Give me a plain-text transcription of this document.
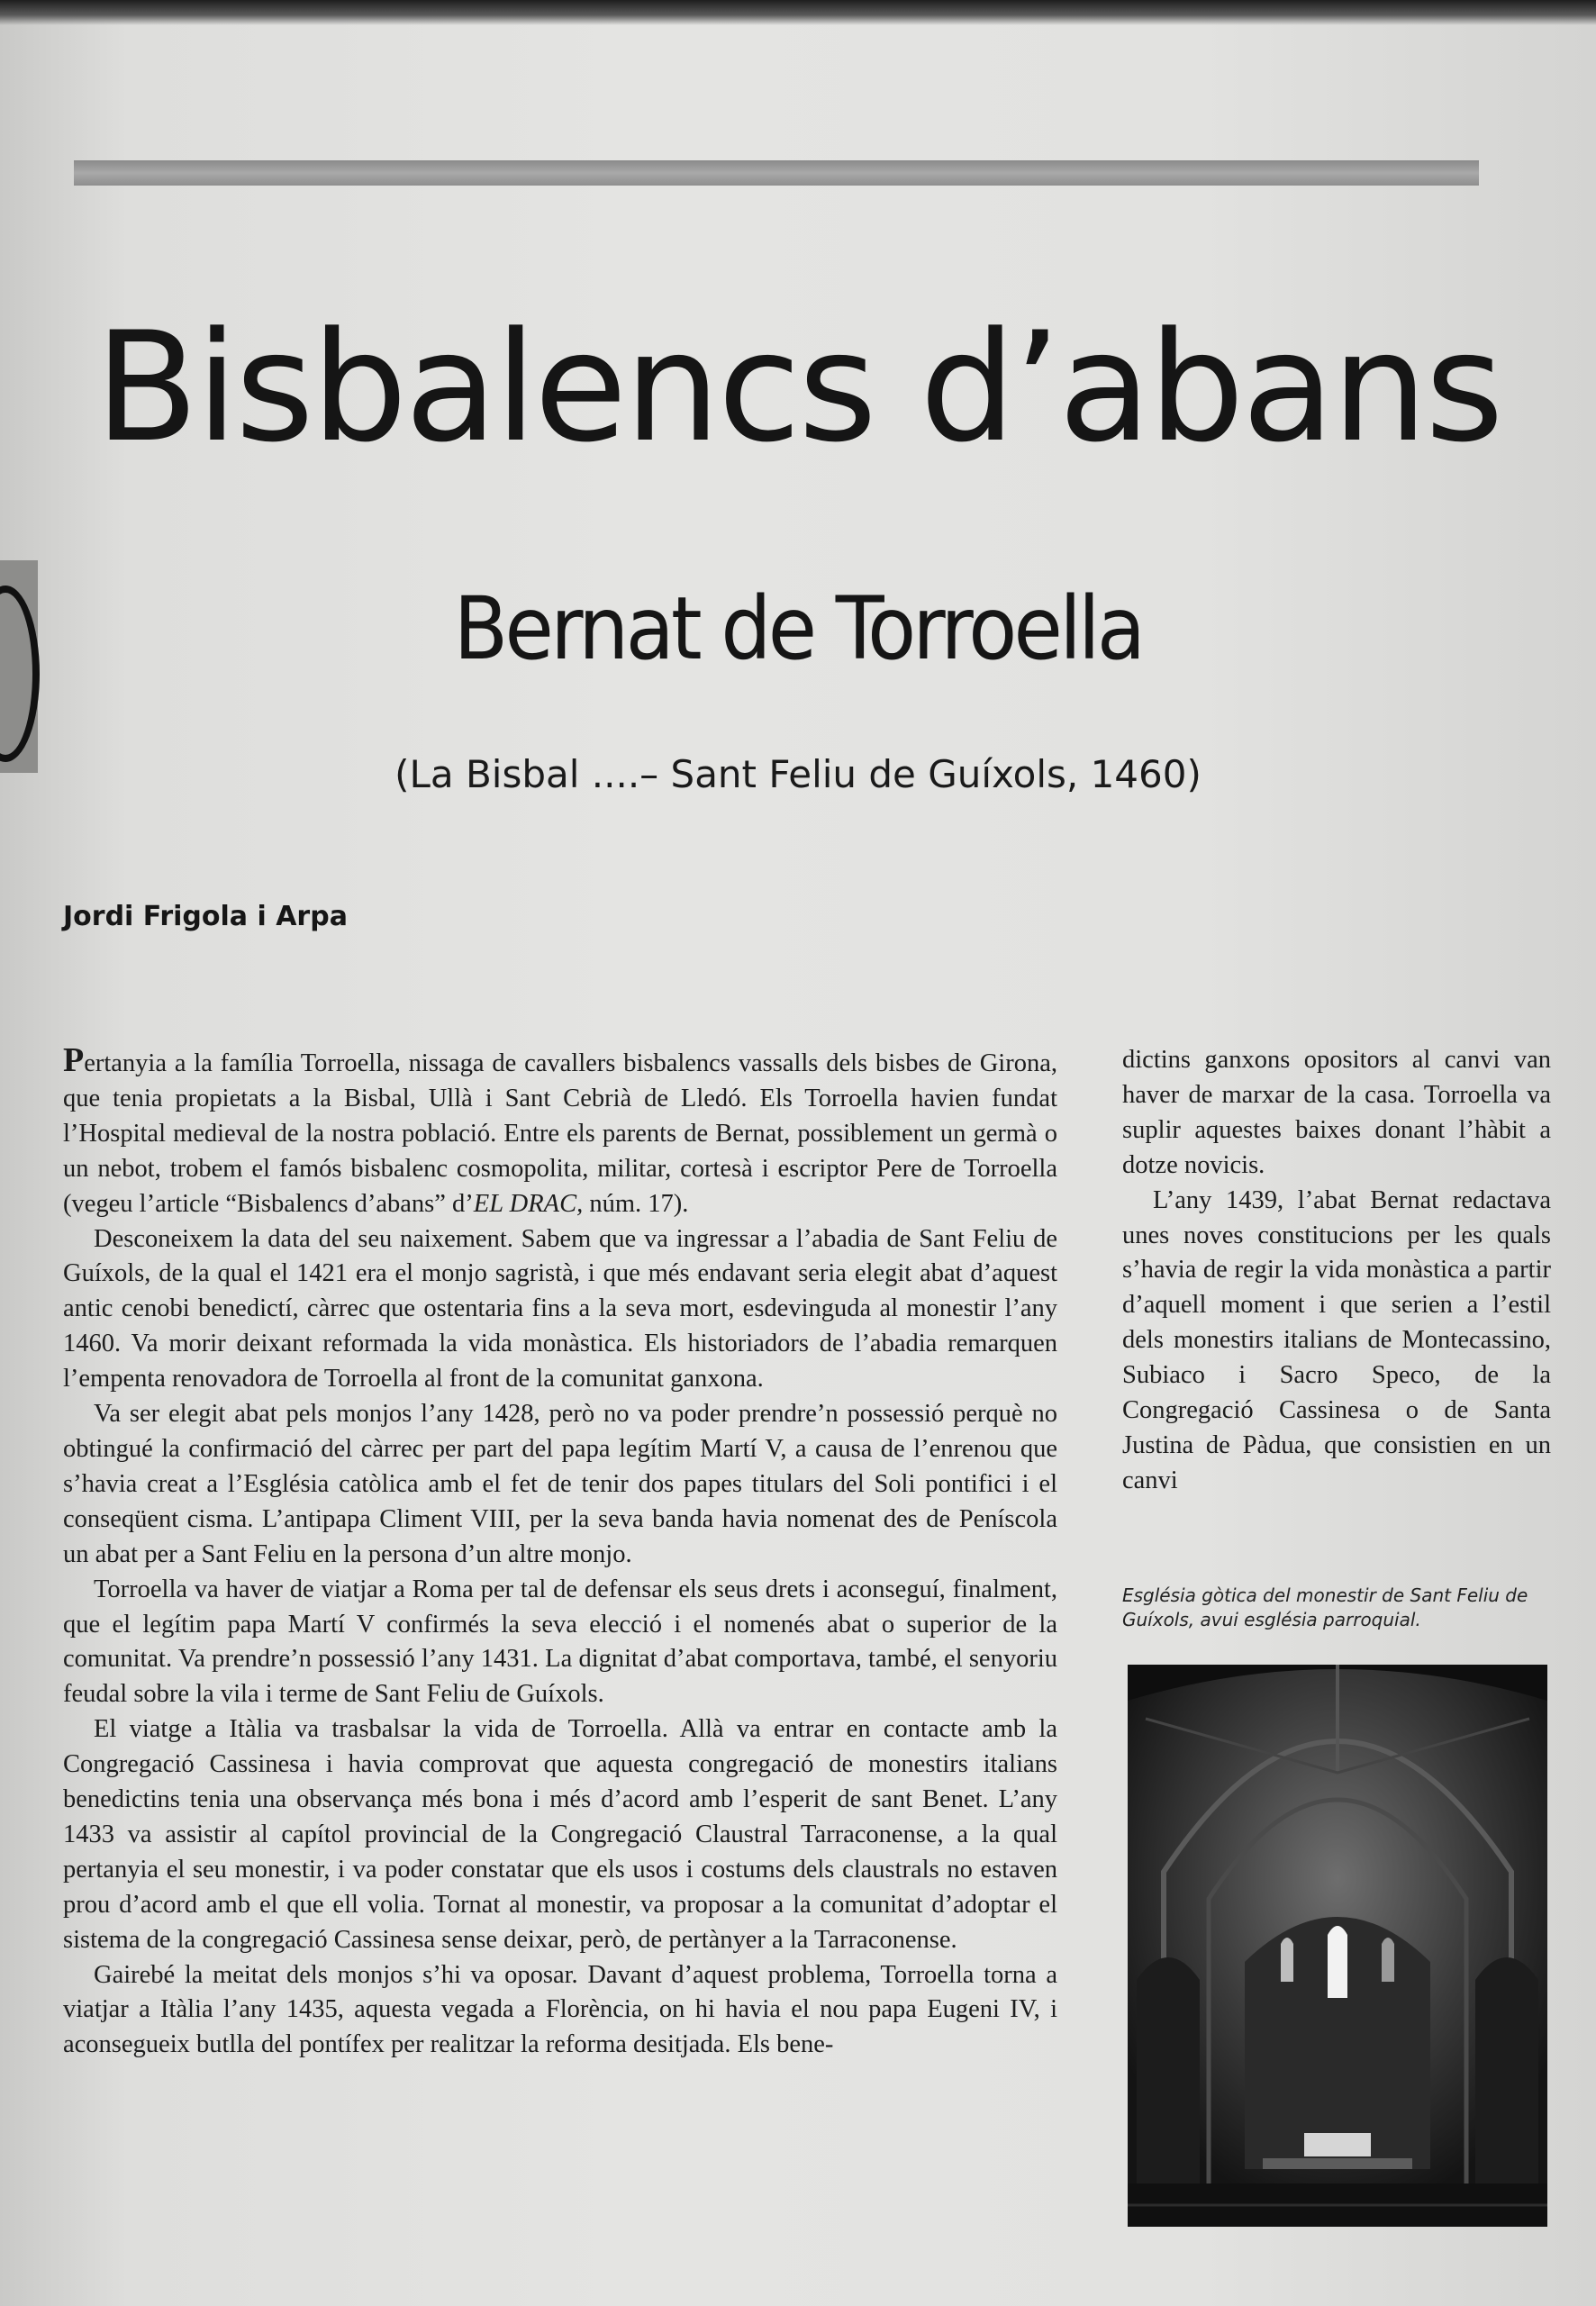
Bisbalencs d’abans
Bernat de Torroella

(La Bisbal ....– Sant Feliu de Guíxols, 1460)

Jordi Frigola i Arpa

Pertanyia a la família Torroella, nissaga de cavallers bisbalencs vassalls dels bisbes de Girona, que tenia propietats a la Bisbal, Ullà i Sant Cebrià de Lledó. Els Torroella havien fundat l’Hospital medieval de la nostra població. Entre els parents de Bernat, possiblement un germà o un nebot, trobem el famós bisbalenc cosmopolita, militar, cortesà i escriptor Pere de Torroella (vegeu l’article “Bisbalencs d’abans” d’EL DRAC, núm. 17).

Desconeixem la data del seu naixement. Sabem que va ingressar a l’abadia de Sant Feliu de Guíxols, de la qual el 1421 era el monjo sagristà, i que més endavant seria elegit abat d’aquest antic cenobi benedictí, càrrec que ostentaria fins a la seva mort, esdevinguda al monestir l’any 1460. Va morir deixant reformada la vida monàstica. Els historiadors de l’abadia remarquen l’empenta renovadora de Torroella al front de la comunitat ganxona.

Va ser elegit abat pels monjos l’any 1428, però no va poder prendre’n possessió perquè no obtingué la confirmació del càrrec per part del papa legítim Martí V, a causa de l’enrenou que s’havia creat a l’Església catòlica amb el fet de tenir dos papes titulars del Soli pontifici i el conseqüent cisma. L’antipapa Climent VIII, per la seva banda havia nomenat des de Peníscola un abat per a Sant Feliu en la persona d’un altre monjo.

Torroella va haver de viatjar a Roma per tal de defensar els seus drets i aconseguí, finalment, que el legítim papa Martí V confirmés la seva elecció i el nomenés abat o superior de la comunitat. Va prendre’n possessió l’any 1431. La dignitat d’abat comportava, també, el senyoriu feudal sobre la vila i terme de Sant Feliu de Guíxols.

El viatge a Itàlia va trasbalsar la vida de Torroella. Allà va entrar en contacte amb la Congregació Cassinesa i havia comprovat que aquesta congregació de monestirs italians benedictins tenia una observança més bona i més d’acord amb l’esperit de sant Benet. L’any 1433 va assistir al capítol provincial de la Congregació Claustral Tarraconense, a la qual pertanyia el seu monestir, i va poder constatar que els usos i costums dels claustrals no estaven prou d’acord amb el que ell volia. Tornat al monestir, va proposar a la comunitat d’adoptar el sistema de la congregació Cassinesa sense deixar, però, de pertànyer a la Tarraconense.

Gairebé la meitat dels monjos s’hi va oposar. Davant d’aquest problema, Torroella torna a viatjar a Itàlia l’any 1435, aquesta vegada a Florència, on hi havia el nou papa Eugeni IV, i aconsegueix butlla del pontífex per realitzar la reforma desitjada. Els bene-

dictins ganxons opositors al canvi van haver de marxar de la casa. Torroella va suplir aquestes baixes donant l’hàbit a dotze novicis.

L’any 1439, l’abat Bernat redactava unes noves constitucions per les quals s’havia de regir la vida monàstica a partir d’aquell moment i que serien a l’estil dels monestirs italians de Montecassino, Subiaco i Sacro Speco, de la Congregació Cassinesa o de Santa Justina de Pàdua, que consistien en un canvi

Església gòtica del monestir de Sant Feliu de Guíxols, avui església parroquial.
